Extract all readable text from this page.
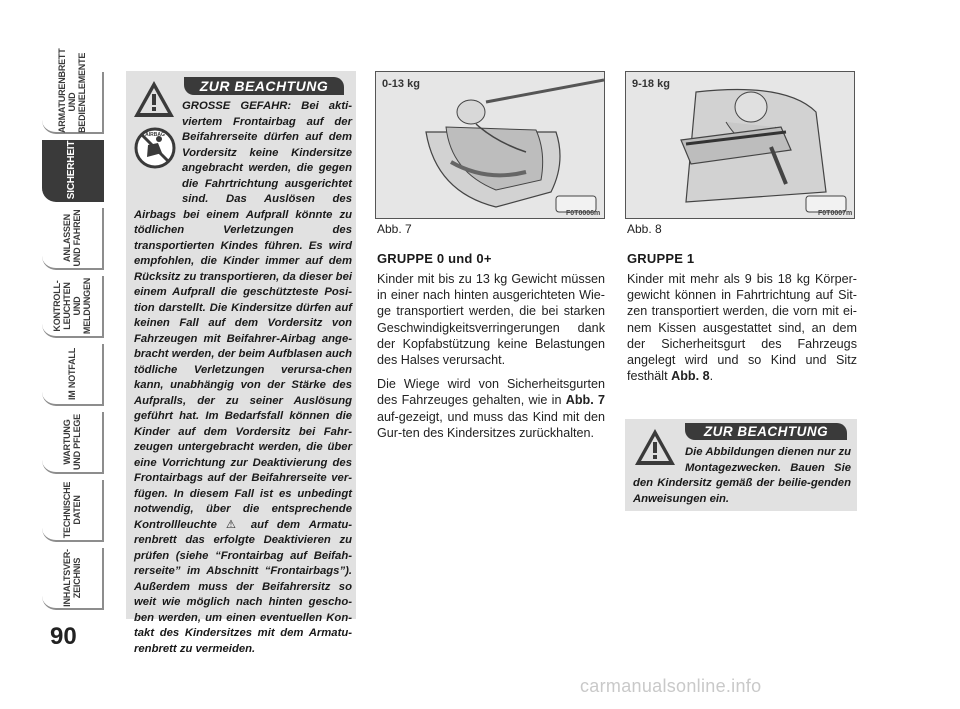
ARMATURENBRETT
UND
BEDIENELEMENTE
SICHERHEIT
ANLASSEN
UND FAHREN
KONTROLL-
LEUCHTEN UND
MELDUNGEN
IM NOTFALL
WARTUNG
UND PFLEGE
TECHNISCHE
DATEN
INHALTSVER-
ZEICHNIS
90
ZUR BEACHTUNG
AIRBAG
GROSSE GEFAHR: Bei akti-viertem Frontairbag auf der Beifahrerseite dürfen auf dem Vordersitz keine Kindersitze angebracht werden, die gegen die Fahrtrichtung ausgerichtet sind. Das Auslösen des Airbags bei einem Aufprall könnte zu tödlichen Verletzungen des transportierten Kindes führen. Es wird empfohlen, die Kinder immer auf dem Rücksitz zu transportieren, da dieser bei einem Aufprall die geschützteste Posi-tion darstellt. Die Kindersitze dürfen auf keinen Fall auf dem Vordersitz von Fahrzeugen mit Beifahrer-Airbag ange-bracht werden, der beim Aufblasen auch tödliche Verletzungen verursa-chen kann, unabhängig von der Stärke des Aufpralls, der zu seiner Auslösung geführt hat. Im Bedarfsfall können die Kinder auf dem Vordersitz bei Fahr-zeugen untergebracht werden, die über eine Vorrichtung zur Deaktivierung des Frontairbags auf der Beifahrerseite ver-fügen. In diesem Fall ist es unbedingt notwendig, über die entsprechende Kontrollleuchte ⚠ auf dem Armatu-renbrett das erfolgte Deaktivieren zu prüfen (siehe “Frontairbag auf Beifah-rerseite” im Abschnitt “Frontairbags”). Außerdem muss der Beifahrersitz so weit wie möglich nach hinten gescho-ben werden, um einen eventuellen Kon-takt des Kindersitzes mit dem Armatu-renbrett zu vermeiden.
0-13 kg
F0T0006m
Abb. 7
9-18 kg
F0T0007m
Abb. 8
GRUPPE 0 und 0+

Kinder mit bis zu 13 kg Gewicht müssen in einer nach hinten ausgerichteten Wie-ge transportiert werden, die bei starken Geschwindigkeitsverringerungen dank der Kopfabstützung keine Belastungen des Halses verursacht.

Die Wiege wird von Sicherheitsgurten des Fahrzeuges gehalten, wie in Abb. 7 auf-gezeigt, und muss das Kind mit den Gur-ten des Kindersitzes zurückhalten.

GRUPPE 1

Kinder mit mehr als 9 bis 18 kg Körper-gewicht können in Fahrtrichtung auf Sit-zen transportiert werden, die vorn mit ei-nem Kissen ausgestattet sind, an dem der Sicherheitsgurt des Fahrzeugs angelegt wird und so Kind und Sitz festhält Abb. 8.

ZUR BEACHTUNG
Die Abbildungen dienen nur zu Montagezwecken. Bauen Sie den Kindersitz gemäß der beilie-genden Anweisungen ein.
carmanualsonline.info
